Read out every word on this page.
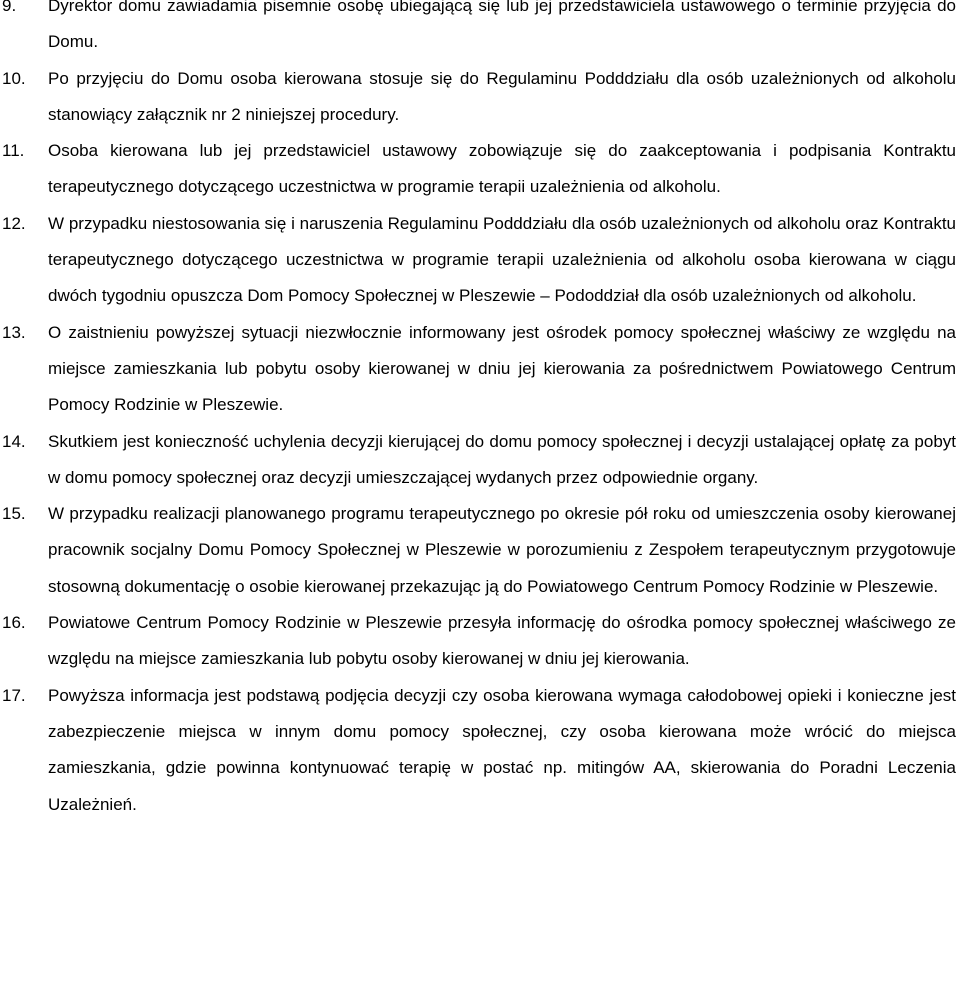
9.	Dyrektor domu zawiadamia pisemnie osobę ubiegającą się lub jej przedstawiciela ustawowego o terminie przyjęcia do Domu.
10.	Po przyjęciu do Domu osoba kierowana stosuje się do Regulaminu Podddziału dla osób uzależnionych od alkoholu stanowiący załącznik nr 2 niniejszej procedury.
11.	Osoba kierowana lub jej przedstawiciel ustawowy zobowiązuje się do zaakceptowania i podpisania Kontraktu terapeutycznego dotyczącego uczestnictwa w programie terapii uzależnienia od alkoholu.
12.	W przypadku niestosowania się i naruszenia Regulaminu Podddziału dla osób uzależnionych od alkoholu oraz Kontraktu terapeutycznego dotyczącego uczestnictwa w programie terapii uzależnienia od alkoholu osoba kierowana w ciągu dwóch tygodniu opuszcza Dom Pomocy Społecznej w Pleszewie – Pododdział dla osób uzależnionych od alkoholu.
13.	O zaistnieniu powyższej sytuacji niezwłocznie informowany jest ośrodek pomocy społecznej właściwy ze względu na miejsce zamieszkania lub pobytu osoby kierowanej w dniu jej kierowania za pośrednictwem Powiatowego Centrum Pomocy Rodzinie w Pleszewie.
14.	Skutkiem jest konieczność uchylenia decyzji kierującej do domu pomocy społecznej i decyzji ustalającej opłatę za pobyt w domu pomocy społecznej oraz decyzji umieszczającej wydanych przez odpowiednie organy.
15.	W przypadku realizacji planowanego programu terapeutycznego po okresie pół roku od umieszczenia osoby kierowanej pracownik socjalny Domu Pomocy Społecznej w Pleszewie w porozumieniu z Zespołem terapeutycznym przygotowuje stosowną dokumentację o osobie kierowanej przekazując ją do Powiatowego Centrum Pomocy Rodzinie w Pleszewie.
16.	Powiatowe Centrum Pomocy Rodzinie w Pleszewie przesyła informację do ośrodka pomocy społecznej właściwego ze względu na miejsce zamieszkania lub pobytu osoby kierowanej w dniu jej kierowania.
17.	Powyższa informacja jest podstawą podjęcia decyzji czy osoba kierowana wymaga całodobowej opieki i konieczne jest zabezpieczenie miejsca w innym domu pomocy społecznej, czy osoba kierowana może wrócić do miejsca zamieszkania, gdzie powinna kontynuować terapię w postać np. mitingów AA, skierowania do Poradni Leczenia Uzależnień.
